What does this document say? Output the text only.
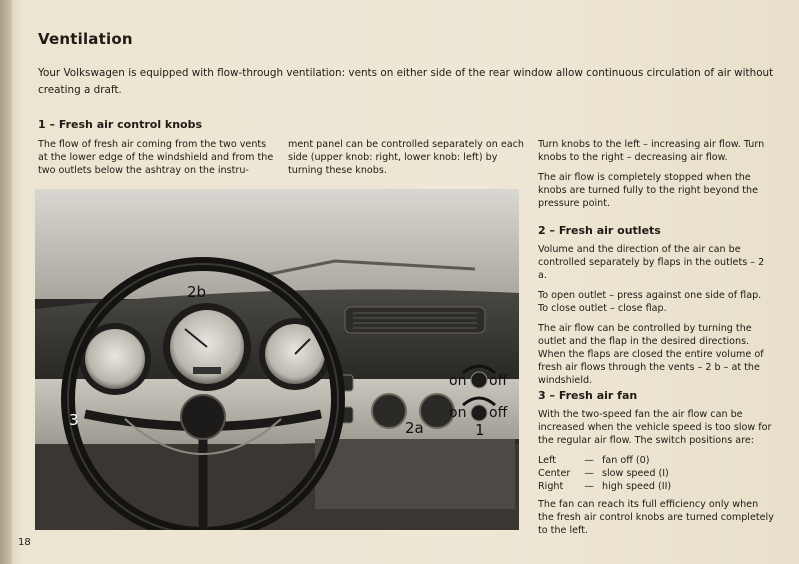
Ventilation
Your Volkswagen is equipped with flow-through ventilation: vents on either side of the rear window allow continuous circulation of air without creating a draft.
1 – Fresh air control knobs
The flow of fresh air coming from the two vents at the lower edge of the windshield and from the two outlets below the ashtray on the instru-
ment panel can be controlled separately on each side (upper knob: right, lower knob: left) by turning these knobs.

Turn knobs to the left – increasing air flow. Turn knobs to the right – decreasing air flow.

The air flow is completely stopped when the knobs are turned fully to the right beyond the pressure point.

2 – Fresh air outlets

Volume and the direction of the air can be controlled separately by flaps in the outlets – 2 a.

To open outlet – press against one side of flap. To close outlet – close flap.

The air flow can be controlled by turning the outlet and the flap in the desired directions. When the flaps are closed the entire volume of fresh air flows through the vents – 2 b – at the windshield.

3 – Fresh air fan

With the two-speed fan the air flow can be increased when the vehicle speed is too slow for the regular air flow. The switch positions are:

Left	—	fan off (0)
Center	—	slow speed (I)
Right	—	high speed (II)

The fan can reach its full efficiency only when the fresh air control knobs are turned completely to the left.

2b
2a	1
3
on off
on off
18
